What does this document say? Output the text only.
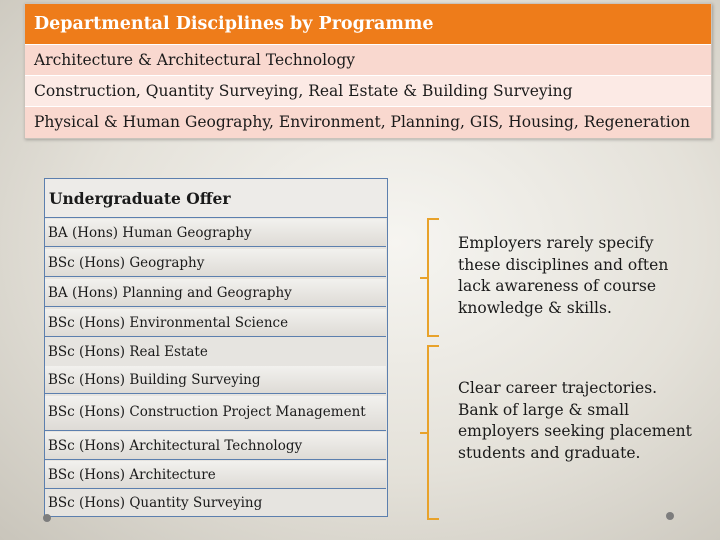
Departmental Disciplines by Programme
Architecture & Architectural Technology
Construction, Quantity Surveying, Real Estate & Building Surveying
Physical & Human Geography, Environment, Planning, GIS, Housing, Regeneration
Undergraduate Offer
BA (Hons) Human Geography
BSc (Hons) Geography
BA (Hons) Planning and Geography
BSc (Hons) Environmental Science
BSc (Hons) Real Estate
BSc (Hons) Building Surveying
BSc (Hons) Construction Project Management
BSc (Hons) Architectural Technology
BSc (Hons) Architecture
BSc (Hons) Quantity Surveying
Employers rarely specify these disciplines and often lack awareness of course knowledge & skills.
Clear career trajectories. Bank of large & small employers seeking placement students and graduate.
